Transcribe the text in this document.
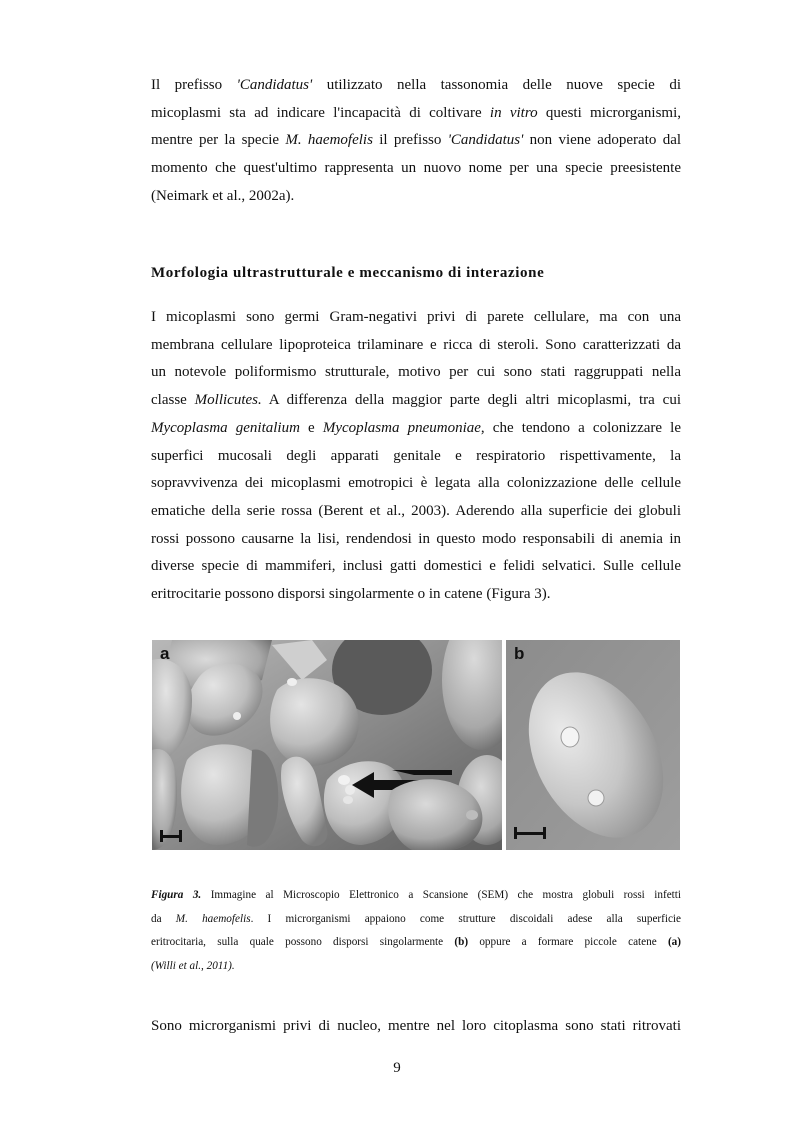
Il prefisso 'Candidatus' utilizzato nella tassonomia delle nuove specie di
micoplasmi sta ad indicare l'incapacità di coltivare in vitro questi microrganismi,
mentre per la specie M. haemofelis il prefisso 'Candidatus' non viene adoperato dal
momento che quest'ultimo rappresenta un nuovo nome per una specie preesistente
(Neimark et al., 2002a).

Morfologia ultrastrutturale e meccanismo di interazione

I micoplasmi sono germi Gram-negativi privi di parete cellulare, ma con una
membrana cellulare lipoproteica trilaminare e ricca di steroli. Sono caratterizzati da
un notevole poliformismo strutturale, motivo per cui sono stati raggruppati nella
classe Mollicutes. A differenza della maggior parte degli altri micoplasmi, tra cui
Mycoplasma genitalium e Mycoplasma pneumoniae, che tendono a colonizzare le
superfici mucosali degli apparati genitale e respiratorio rispettivamente, la
sopravvivenza dei micoplasmi emotropici è legata alla colonizzazione delle cellule
ematiche della serie rossa (Berent et al., 2003). Aderendo alla superficie dei globuli
rossi possono causarne la lisi, rendendosi in questo modo responsabili di anemia in
diverse specie di mammiferi, inclusi gatti domestici e felidi selvatici. Sulle cellule
eritrocitarie possono disporsi singolarmente o in catene (Figura 3).

a	b

Figura 3. Immagine al Microscopio Elettronico a Scansione (SEM) che mostra globuli rossi infetti
da M. haemofelis. I microrganismi appaiono come strutture discoidali adese alla superficie
eritrocitaria, sulla quale possono disporsi singolarmente (b) oppure a formare piccole catene (a)
(Willi et al., 2011).

Sono microrganismi privi di nucleo, mentre nel loro citoplasma sono stati ritrovati

9
